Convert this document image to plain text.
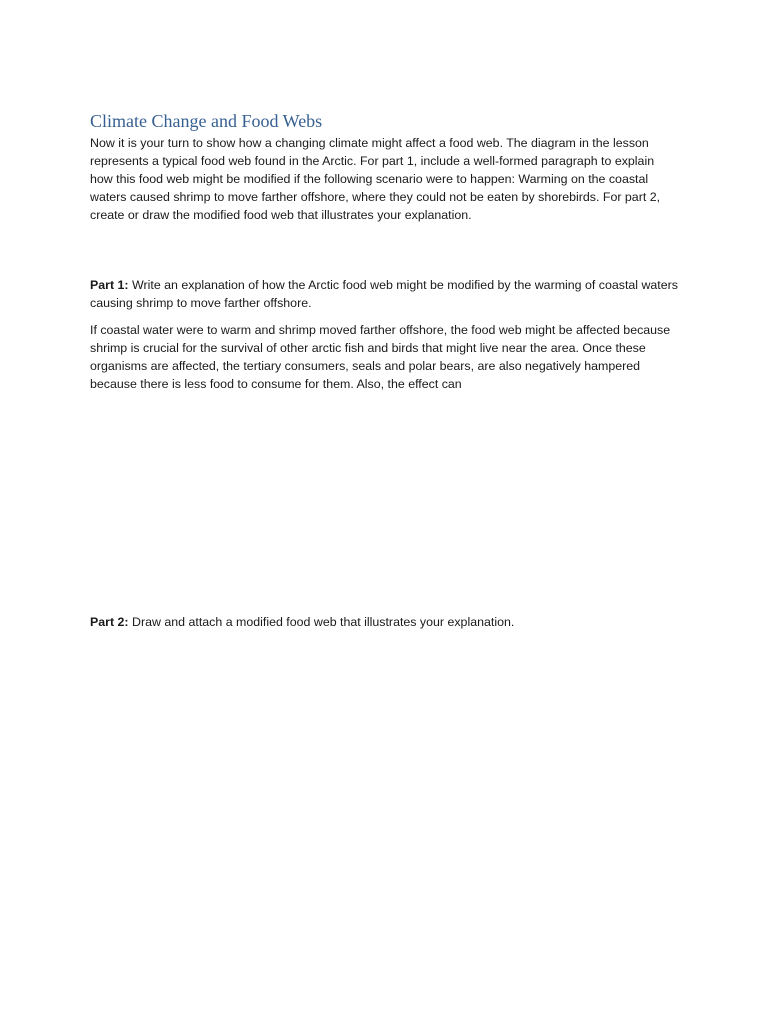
Climate Change and Food Webs

Now it is your turn to show how a changing climate might affect a food web. The diagram in the lesson represents a typical food web found in the Arctic. For part 1, include a well-formed paragraph to explain how this food web might be modified if the following scenario were to happen: Warming on the coastal waters caused shrimp to move farther offshore, where they could not be eaten by shorebirds. For part 2, create or draw the modified food web that illustrates your explanation.

Part 1: Write an explanation of how the Arctic food web might be modified by the warming of coastal waters causing shrimp to move farther offshore.

If coastal water were to warm and shrimp moved farther offshore, the food web might be affected because shrimp is crucial for the survival of other arctic fish and birds that might live near the area. Once these organisms are affected, the tertiary consumers, seals and polar bears, are also negatively hampered because there is less food to consume for them. Also, the effect can

Part 2: Draw and attach a modified food web that illustrates your explanation.
